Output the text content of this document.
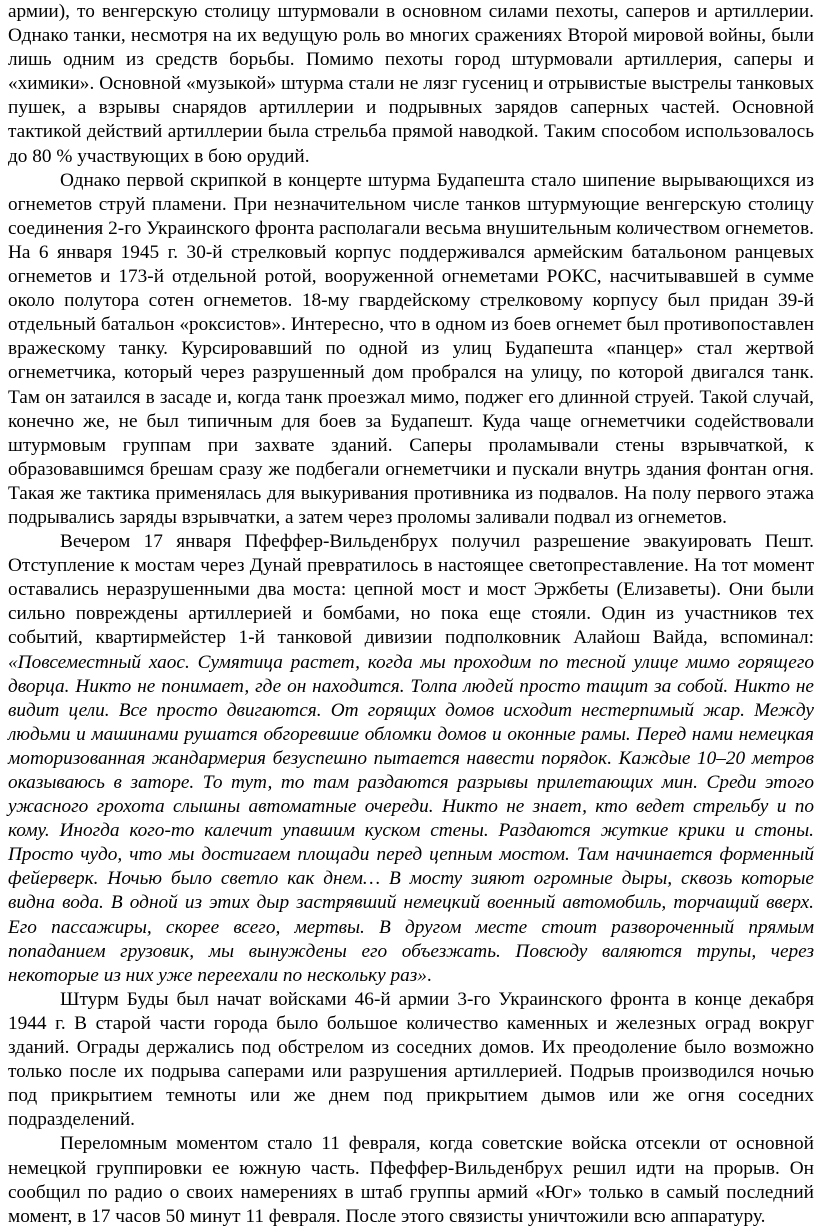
армии), то венгерскую столицу штурмовали в основном силами пехоты, саперов и артиллерии. Однако танки, несмотря на их ведущую роль во многих сражениях Второй мировой войны, были лишь одним из средств борьбы. Помимо пехоты город штурмовали артиллерия, саперы и «химики». Основной «музыкой» штурма стали не лязг гусениц и отрывистые выстрелы танковых пушек, а взрывы снарядов артиллерии и подрывных зарядов саперных частей. Основной тактикой действий артиллерии была стрельба прямой наводкой. Таким способом использовалось до 80 % участвующих в бою орудий.

Однако первой скрипкой в концерте штурма Будапешта стало шипение вырывающихся из огнеметов струй пламени. При незначительном числе танков штурмующие венгерскую столицу соединения 2-го Украинского фронта располагали весьма внушительным количеством огнеметов. На 6 января 1945 г. 30-й стрелковый корпус поддерживался армейским батальоном ранцевых огнеметов и 173-й отдельной ротой, вооруженной огнеметами РОКС, насчитывавшей в сумме около полутора сотен огнеметов. 18-му гвардейскому стрелковому корпусу был придан 39-й отдельный батальон «роксистов». Интересно, что в одном из боев огнемет был противопоставлен вражескому танку. Курсировавший по одной из улиц Будапешта «панцер» стал жертвой огнеметчика, который через разрушенный дом пробрался на улицу, по которой двигался танк. Там он затаился в засаде и, когда танк проезжал мимо, поджег его длинной струей. Такой случай, конечно же, не был типичным для боев за Будапешт. Куда чаще огнеметчики содействовали штурмовым группам при захвате зданий. Саперы проламывали стены взрывчаткой, к образовавшимся брешам сразу же подбегали огнеметчики и пускали внутрь здания фонтан огня. Такая же тактика применялась для выкуривания противника из подвалов. На полу первого этажа подрывались заряды взрывчатки, а затем через проломы заливали подвал из огнеметов.

Вечером 17 января Пфеффер-Вильденбрух получил разрешение эвакуировать Пешт. Отступление к мостам через Дунай превратилось в настоящее светопреставление. На тот момент оставались неразрушенными два моста: цепной мост и мост Эржбеты (Елизаветы). Они были сильно повреждены артиллерией и бомбами, но пока еще стояли. Один из участников тех событий, квартирмейстер 1-й танковой дивизии подполковник Алайош Вайда, вспоминал: «Повсеместный хаос. Сумятица растет, когда мы проходим по тесной улице мимо горящего дворца. Никто не понимает, где он находится. Толпа людей просто тащит за собой. Никто не видит цели. Все просто двигаются. От горящих домов исходит нестерпимый жар. Между людьми и машинами рушатся обгоревшие обломки домов и оконные рамы. Перед нами немецкая моторизованная жандармерия безуспешно пытается навести порядок. Каждые 10–20 метров оказываюсь в заторе. То тут, то там раздаются разрывы прилетающих мин. Среди этого ужасного грохота слышны автоматные очереди. Никто не знает, кто ведет стрельбу и по кому. Иногда кого-то калечит упавшим куском стены. Раздаются жуткие крики и стоны. Просто чудо, что мы достигаем площади перед цепным мостом. Там начинается форменный фейерверк. Ночью было светло как днем… В мосту зияют огромные дыры, сквозь которые видна вода. В одной из этих дыр застрявший немецкий военный автомобиль, торчащий вверх. Его пассажиры, скорее всего, мертвы. В другом месте стоит развороченный прямым попаданием грузовик, мы вынуждены его объезжать. Повсюду валяются трупы, через некоторые из них уже переехали по нескольку раз».

Штурм Буды был начат войсками 46-й армии 3-го Украинского фронта в конце декабря 1944 г. В старой части города было большое количество каменных и железных оград вокруг зданий. Ограды держались под обстрелом из соседних домов. Их преодоление было возможно только после их подрыва саперами или разрушения артиллерией. Подрыв производился ночью под прикрытием темноты или же днем под прикрытием дымов или же огня соседних подразделений.

Переломным моментом стало 11 февраля, когда советские войска отсекли от основной немецкой группировки ее южную часть. Пфеффер-Вильденбрух решил идти на прорыв. Он сообщил по радио о своих намерениях в штаб группы армий «Юг» только в самый последний момент, в 17 часов 50 минут 11 февраля. После этого связисты уничтожили всю аппаратуру.
